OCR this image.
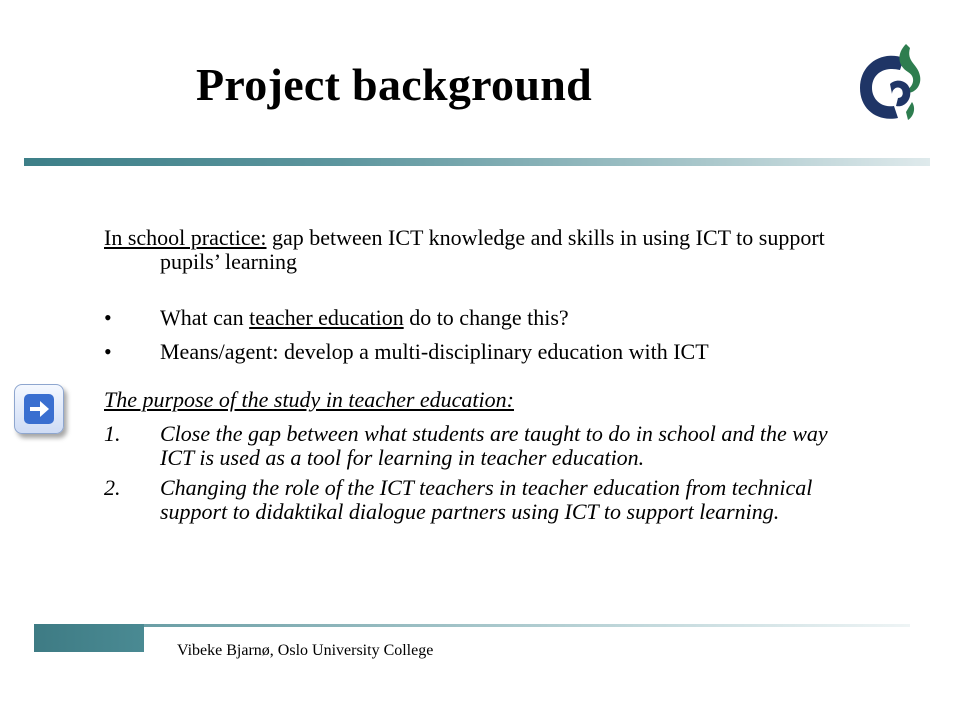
Project background

In school practice: gap between ICT knowledge and skills in using ICT to support pupils’ learning

•	What can teacher education do to change this?
•	Means/agent: develop a multi-disciplinary education with ICT
The purpose of the study in teacher education:
1.	Close the gap between what students are taught to do in school and the way ICT is used as a tool for learning in teacher education.
2.	Changing the role of the ICT teachers in teacher education from technical support to didaktikal dialogue partners using ICT to support learning.
Vibeke Bjarnø, Oslo University College
